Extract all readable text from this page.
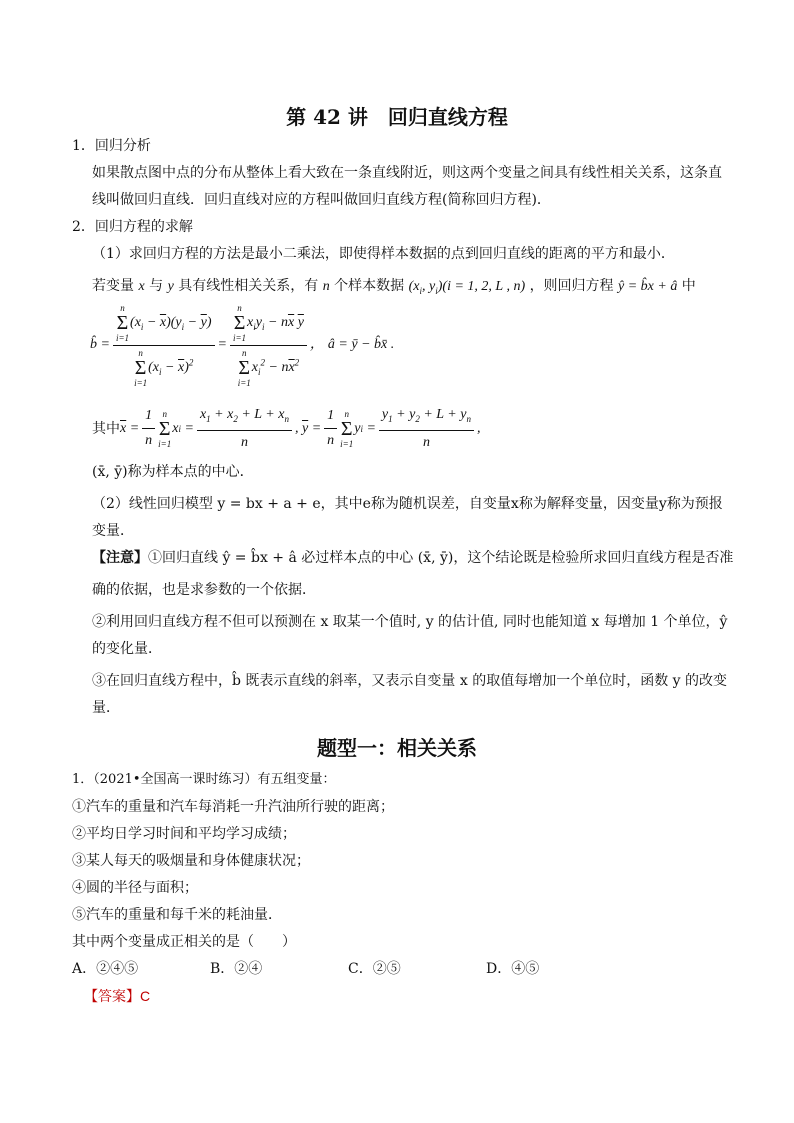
第 42 讲　回归直线方程
1．回归分析
如果散点图中点的分布从整体上看大致在一条直线附近，则这两个变量之间具有线性相关关系，这条直
线叫做回归直线．回归直线对应的方程叫做回归直线方程(简称回归方程)．
2．回归方程的求解
（1）求回归方程的方法是最小二乘法，即使得样本数据的点到回归直线的距离的平方和最小．
若变量 x 与 y 具有线性相关关系，有 n 个样本数据 ($x_i$, $y_i)(i = 1$, 2, L , n) ，则回归方程 ŷ = b̂x + â 中
b̂ = n
Σ
i=1
$(x_i - \overline{x})(y_i - \overline{y})$
n
Σ
i=1
$(x_i - \overline{x})^2 = n$
Σ
i=1
$x_iy_i - n\overline{x}$ $\overline{y}$
n
Σ
i=1
$x_i^2 - n\overline{x}^2$ ， â = ȳ − b̂x̄ .
其中 $\overline{x} = \frac{1}{n}$ n
Σ
i=1
x $i = \frac{x_1 + x_2 + L + x_n}{n}$ , $\overline{y} = \frac{1}{n}$ n
Σ
i=1
y $i = \frac{y_1 + y_2 + L + y_n}{n}$ ,
(x̄, ȳ)称为样本点的中心．
（2）线性回归模型 y = bx + a + e，其中e称为随机误差，自变量x称为解释变量，因变量y称为预报
变量．
【注意】①回归直线 ŷ = b̂x + â 必过样本点的中心 (x̄, ȳ)，这个结论既是检验所求回归直线方程是否准
确的依据，也是求参数的一个依据．
②利用回归直线方程不但可以预测在 x 取某一个值时, y 的估计值, 同时也能知道 x 每增加 1 个单位，ŷ
的变化量．
③在回归直线方程中，b̂ 既表示直线的斜率，又表示自变量 x 的取值每增加一个单位时，函数 y 的改变
量．
题型一：相关关系
1．（2021•全国高一课时练习）有五组变量：
①汽车的重量和汽车每消耗一升汽油所行驶的距离；
②平均日学习时间和平均学习成绩；
③某人每天的吸烟量和身体健康状况；
④圆的半径与面积；
⑤汽车的重量和每千米的耗油量．
其中两个变量成正相关的是（　　）
A．②④⑤	B．②④	C．②⑤	D．④⑤
【答案】C
